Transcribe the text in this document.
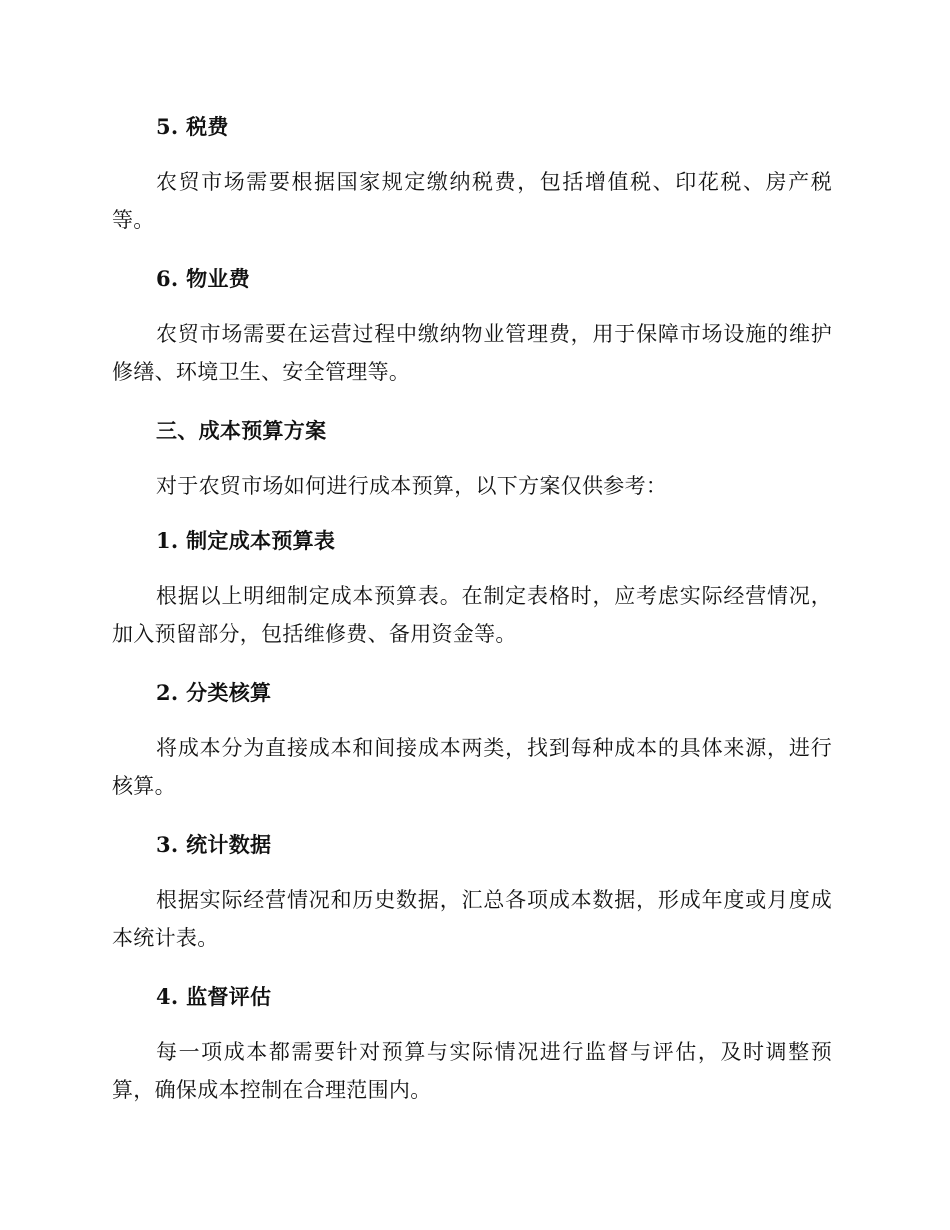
5. 税费
农贸市场需要根据国家规定缴纳税费，包括增值税、印花税、房产税等。
6. 物业费
农贸市场需要在运营过程中缴纳物业管理费，用于保障市场设施的维护修缮、环境卫生、安全管理等。
三、成本预算方案
对于农贸市场如何进行成本预算，以下方案仅供参考：
1. 制定成本预算表
根据以上明细制定成本预算表。在制定表格时，应考虑实际经营情况，加入预留部分，包括维修费、备用资金等。
2. 分类核算
将成本分为直接成本和间接成本两类，找到每种成本的具体来源，进行核算。
3. 统计数据
根据实际经营情况和历史数据，汇总各项成本数据，形成年度或月度成本统计表。
4. 监督评估
每一项成本都需要针对预算与实际情况进行监督与评估，及时调整预算，确保成本控制在合理范围内。
